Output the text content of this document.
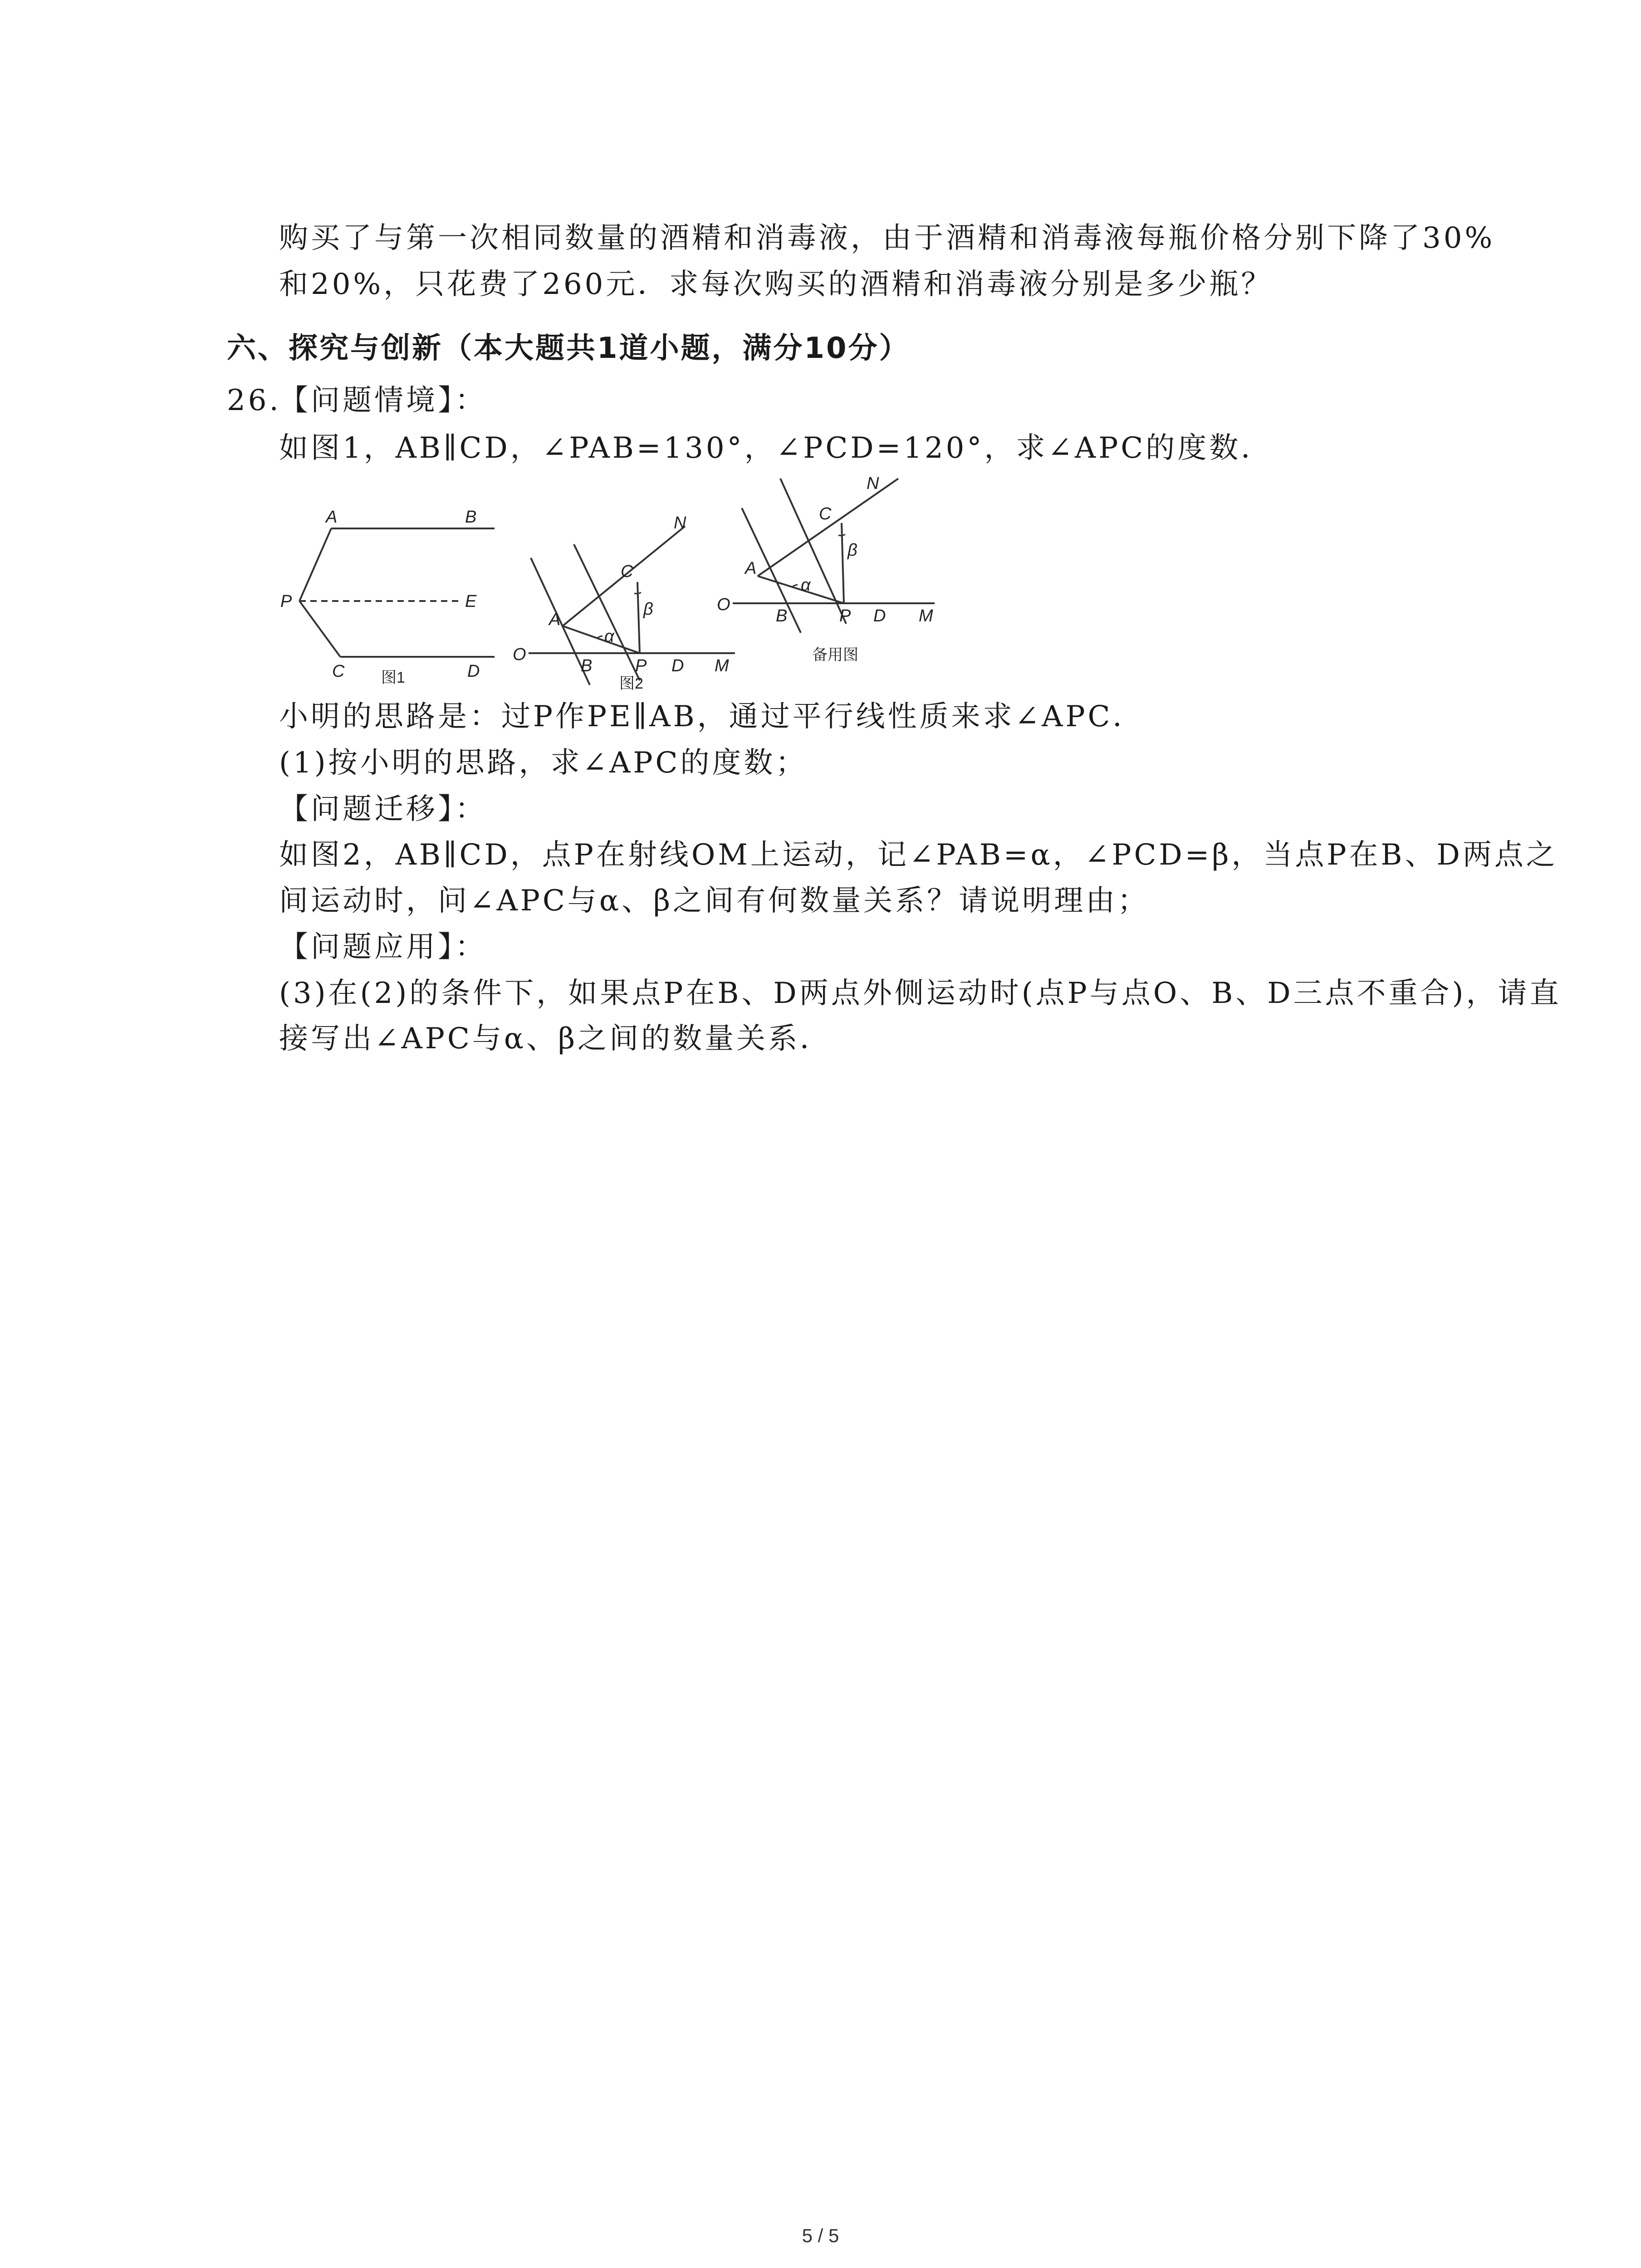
购买了与第一次相同数量的酒精和消毒液，由于酒精和消毒液每瓶价格分别下降了30%
和20%，只花费了260元．求每次购买的酒精和消毒液分别是多少瓶？
六、探究与创新（本大题共1道小题，满分10分）
26.
【问题情境】：
如图1，AB∥CD，∠PAB=130°，∠PCD=120°，求∠APC的度数．
A	B
P	E
C	D
图1
N
C
A
O
B P D M
α
β
图2
N
C
A
O
B	P D M
α
β
备用图
小明的思路是：过P作PE∥AB，通过平行线性质来求∠APC．
(1)按小明的思路，求∠APC的度数；
【问题迁移】：
如图2，AB∥CD，点P在射线OM上运动，记∠PAB=α，∠PCD=β，当点P在B、D两点之
间运动时，问∠APC与α、β之间有何数量关系？请说明理由；
【问题应用】：
(3)在(2)的条件下，如果点P在B、D两点外侧运动时(点P与点O、B、D三点不重合)，请直
接写出∠APC与α、β之间的数量关系．
5 / 5
